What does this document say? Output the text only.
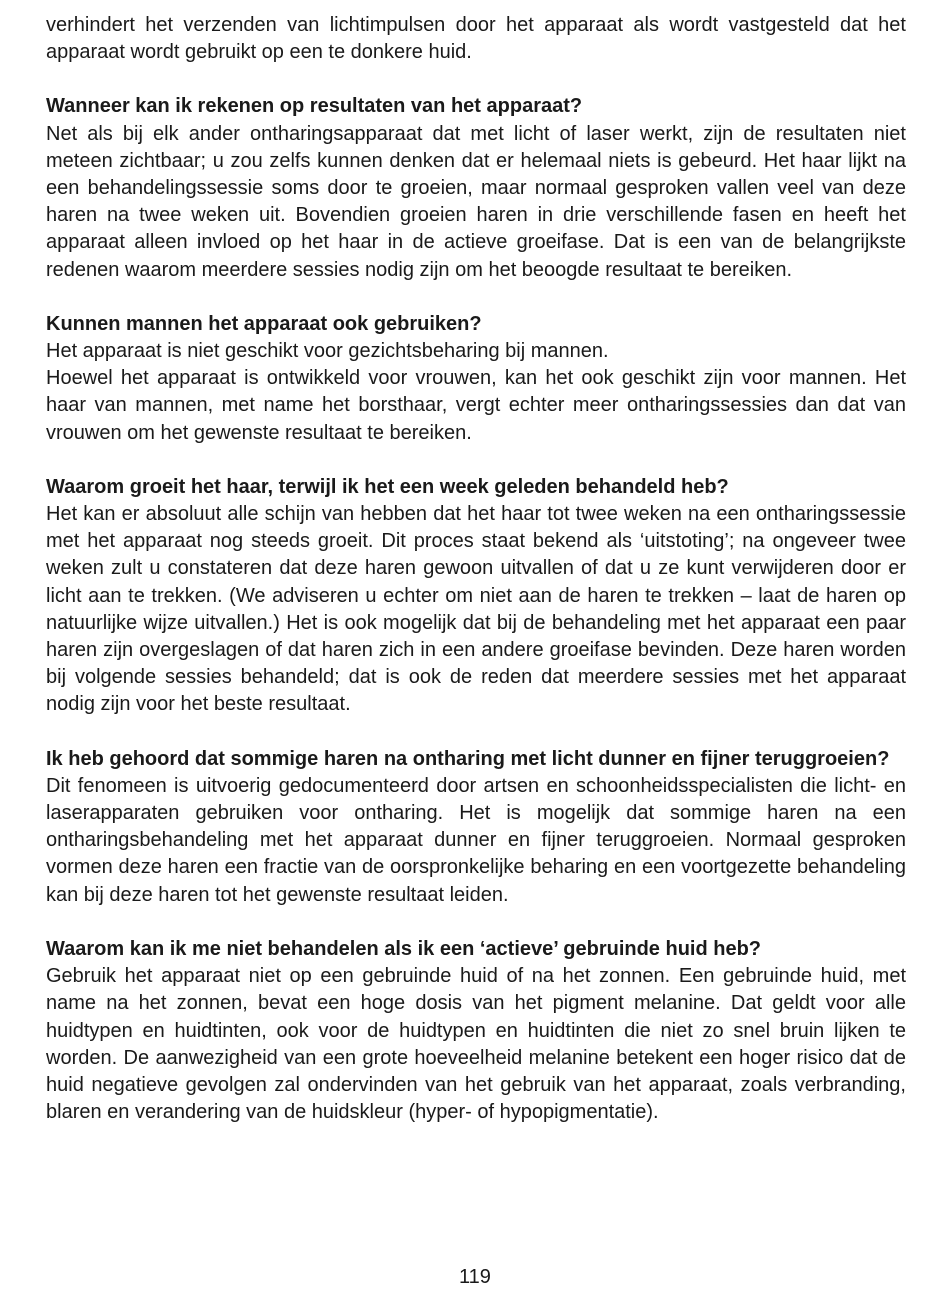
verhindert het verzenden van lichtimpulsen door het apparaat als wordt vastgesteld dat het apparaat wordt gebruikt op een te donkere huid.

Wanneer kan ik rekenen op resultaten van het apparaat?

Net als bij elk ander ontharingsapparaat dat met licht of laser werkt, zijn de resultaten niet meteen zichtbaar; u zou zelfs kunnen denken dat er helemaal niets is gebeurd. Het haar lijkt na een behandelingssessie soms door te groeien, maar normaal gesproken vallen veel van deze haren na twee weken uit. Bovendien groeien haren in drie verschillende fasen en heeft het apparaat alleen invloed op het haar in de actieve groeifase. Dat is een van de belangrijkste redenen waarom meerdere sessies nodig zijn om het beoogde resultaat te bereiken.

Kunnen mannen het apparaat ook gebruiken?

Het apparaat is niet geschikt voor gezichtsbeharing bij mannen.

Hoewel het apparaat is ontwikkeld voor vrouwen, kan het ook geschikt zijn voor mannen. Het haar van mannen, met name het borsthaar, vergt echter meer ontharingssessies dan dat van vrouwen om het gewenste resultaat te bereiken.

Waarom groeit het haar, terwijl ik het een week geleden behandeld heb?

Het kan er absoluut alle schijn van hebben dat het haar tot twee weken na een ontharingssessie met het apparaat nog steeds groeit. Dit proces staat bekend als ‘uitstoting’; na ongeveer twee weken zult u constateren dat deze haren gewoon uitvallen of dat u ze kunt verwijderen door er licht aan te trekken. (We adviseren u echter om niet aan de haren te trekken – laat de haren op natuurlijke wijze uitvallen.) Het is ook mogelijk dat bij de behandeling met het apparaat een paar haren zijn overgeslagen of dat haren zich in een andere groeifase bevinden. Deze haren worden bij volgende sessies behandeld; dat is ook de reden dat meerdere sessies met het apparaat nodig zijn voor het beste resultaat.

Ik heb gehoord dat sommige haren na ontharing met licht dunner en fijner teruggroeien?

Dit fenomeen is uitvoerig gedocumenteerd door artsen en schoonheidsspecialisten die licht- en laserapparaten gebruiken voor ontharing. Het is mogelijk dat sommige haren na een ontharingsbehandeling met het apparaat dunner en fijner teruggroeien. Normaal gesproken vormen deze haren een fractie van de oorspronkelijke beharing en een voortgezette behandeling kan bij deze haren tot het gewenste resultaat leiden.

Waarom kan ik me niet behandelen als ik een ‘actieve’ gebruinde huid heb?

Gebruik het apparaat niet op een gebruinde huid of na het zonnen. Een gebruinde huid, met name na het zonnen, bevat een hoge dosis van het pigment melanine. Dat geldt voor alle huidtypen en huidtinten, ook voor de huidtypen en huidtinten die niet zo snel bruin lijken te worden. De aanwezigheid van een grote hoeveelheid melanine betekent een hoger risico dat de huid negatieve gevolgen zal ondervinden van het gebruik van het apparaat, zoals verbranding, blaren en verandering van de huidskleur (hyper- of hypopigmentatie).

119
